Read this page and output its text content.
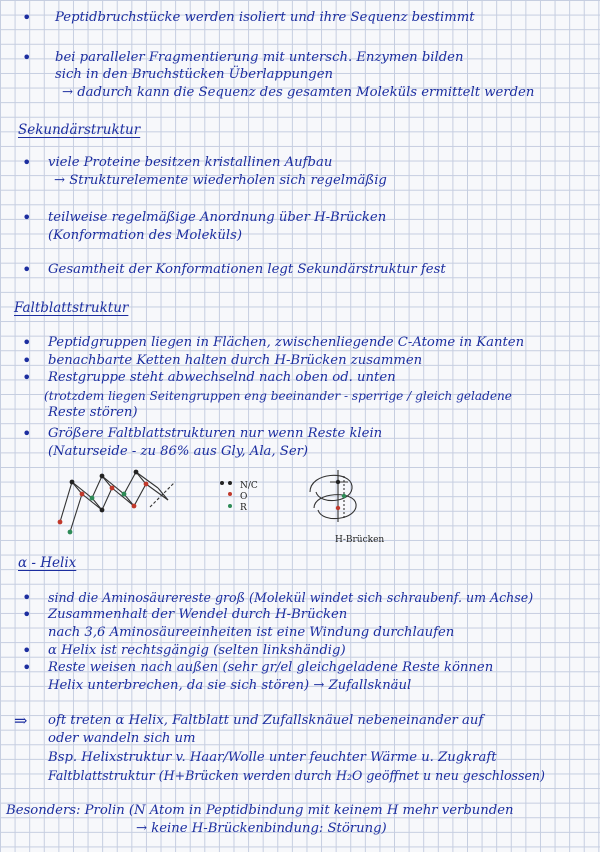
• Peptidbruchstücke werden isoliert und ihre Sequenz bestimmt
• bei paralleler Fragmentierung mit untersch. Enzymen bilden
sich in den Bruchstücken Überlappungen
→ dadurch kann die Sequenz des gesamten Moleküls ermittelt werden
Sekundärstruktur
• viele Proteine besitzen kristallinen Aufbau
→ Strukturelemente wiederholen sich regelmäßig
• teilweise regelmäßige Anordnung über H-Brücken
(Konformation des Moleküls)
• Gesamtheit der Konformationen legt Sekundärstruktur fest
Faltblattstruktur
• Peptidgruppen liegen in Flächen, zwischenliegende C-Atome in Kanten
• benachbarte Ketten halten durch H-Brücken zusammen
• Restgruppe steht abwechselnd nach oben od. unten
(trotzdem liegen Seitengruppen eng beeinander - sperrige / gleich geladene
Reste stören)
• Größere Faltblattstrukturen nur wenn Reste klein
(Naturseide - zu 86% aus Gly, Ala, Ser)
N/C
O
R
H-Brücken
α - Helix
• sind die Aminosäurereste groß (Molekül windet sich schraubenf. um Achse)
• Zusammenhalt der Wendel durch H-Brücken
nach 3,6 Aminosäureeinheiten ist eine Windung durchlaufen
• α Helix ist rechtsgängig (selten linkshändig)
• Reste weisen nach außen (sehr gr/el gleichgeladene Reste können
Helix unterbrechen, da sie sich stören) → Zufallsknäul
⇒ oft treten α Helix, Faltblatt und Zufallsknäuel nebeneinander auf
oder wandeln sich um
Bsp. Helixstruktur v. Haar/Wolle unter feuchter Wärme u. Zugkraft
Faltblattstruktur (H+Brücken werden durch H₂O geöffnet u neu geschlossen)
Besonders: Prolin (N Atom in Peptidbindung mit keinem H mehr verbunden
→ keine H-Brückenbindung: Störung)
